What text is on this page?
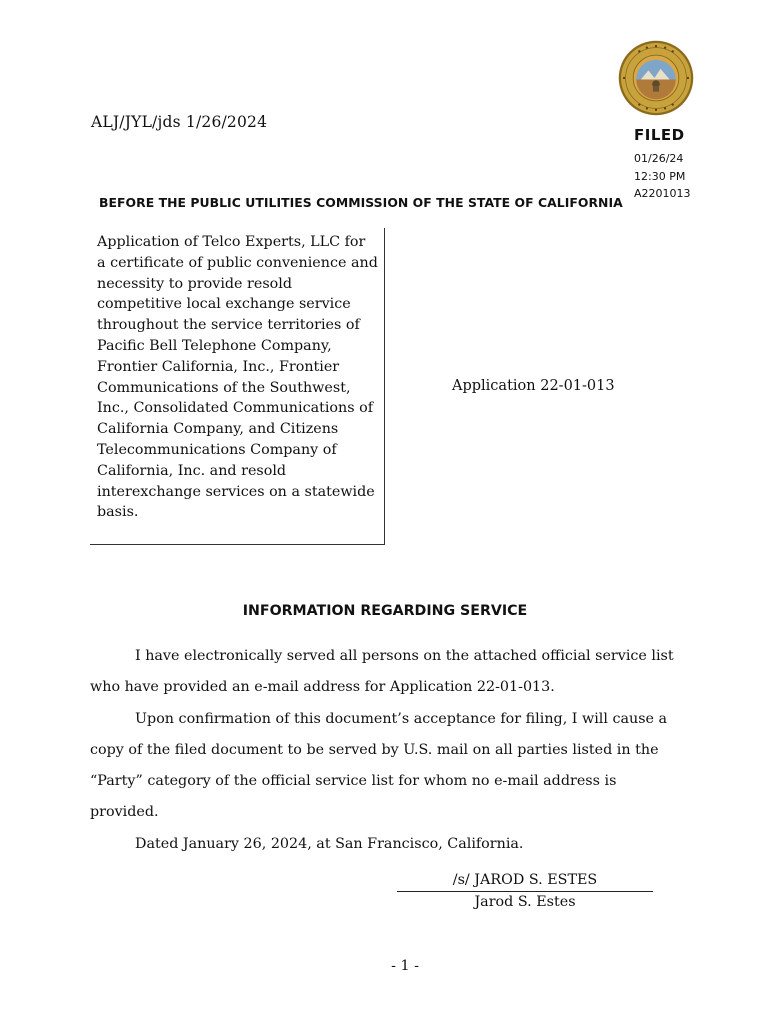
ALJ/JYL/jds 1/26/2024
FILED
01/26/24
12:30 PM
A2201013
BEFORE THE PUBLIC UTILITIES COMMISSION OF THE STATE OF CALIFORNIA
Application of Telco Experts, LLC for
a certificate of public convenience and
necessity to provide resold
competitive local exchange service
throughout the service territories of
Pacific Bell Telephone Company,
Frontier California, Inc., Frontier
Communications of the Southwest,
Inc., Consolidated Communications of
California Company, and Citizens
Telecommunications Company of
California, Inc. and resold
interexchange services on a statewide
basis.
Application 22-01-013
INFORMATION REGARDING SERVICE

I have electronically served all persons on the attached official service list who have provided an e-mail address for Application 22-01-013.

Upon confirmation of this document’s acceptance for filing, I will cause a copy of the filed document to be served by U.S. mail on all parties listed in the “Party” category of the official service list for whom no e-mail address is provided.

Dated January 26, 2024, at San Francisco, California.

/s/ JAROD S. ESTES
Jarod S. Estes
- 1 -
